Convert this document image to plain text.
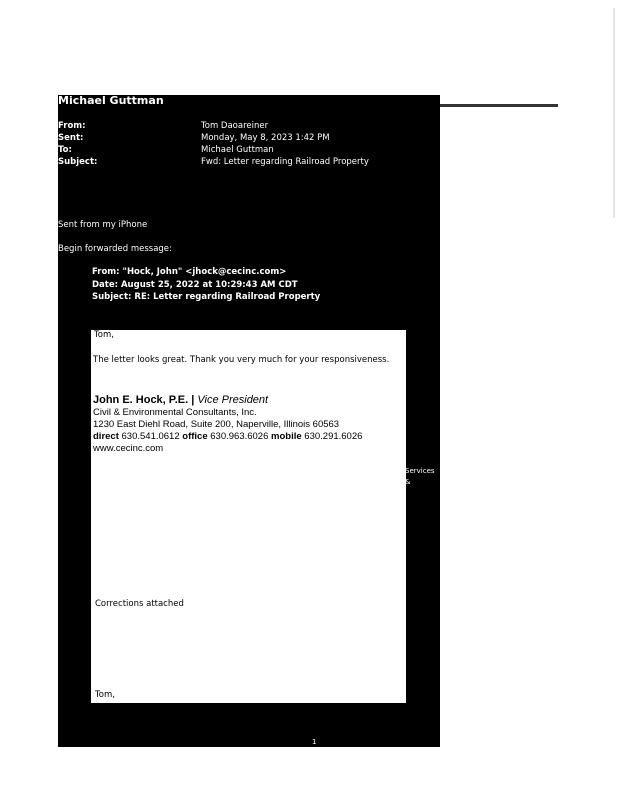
Michael Guttman
From:
Sent:
To:
Subject:
Tom Daoareiner
Monday, May 8, 2023 1:42 PM
Michael Guttman
Fwd: Letter regarding Railroad Property
Sent from my iPhone
Begin forwarded message:
From: "Hock, John" <jhock@cecinc.com>
Date: August 25, 2022 at 10:29:43 AM CDT
Subject: RE: Letter regarding Railroad Property
Tom,
The letter looks great. Thank you very much for your responsiveness.
John E. Hock, P.E. | Vice President
Civil & Environmental Consultants, Inc.
1230 East Diehl Road, Suite 200, Naperville, Illinois 60563
direct 630.541.0612 office 630.963.6026 mobile 630.291.6026
www.cecinc.com
Corrections attached
Tom,
Services
&
1
